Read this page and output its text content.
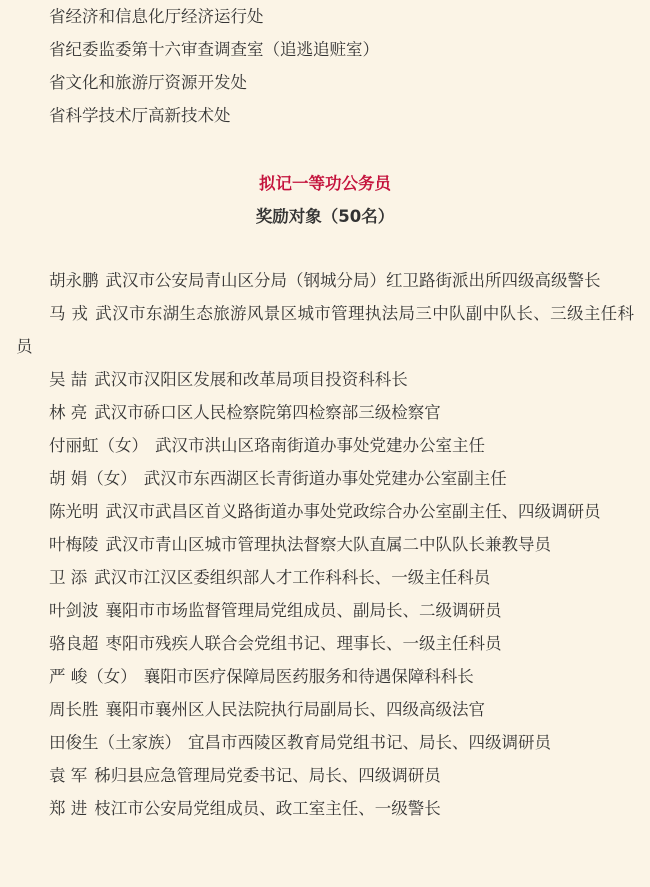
省经济和信息化厅经济运行处
省纪委监委第十六审查调查室（追逃追赃室）
省文化和旅游厅资源开发处
省科学技术厅高新技术处
拟记一等功公务员
奖励对象（50名）
胡永鹏 武汉市公安局青山区分局（钢城分局）红卫路街派出所四级高级警长
马 戎 武汉市东湖生态旅游风景区城市管理执法局三中队副中队长、三级主任科员
吴 喆 武汉市汉阳区发展和改革局项目投资科科长
林 亮 武汉市硚口区人民检察院第四检察部三级检察官
付丽虹（女） 武汉市洪山区珞南街道办事处党建办公室主任
胡 娟（女） 武汉市东西湖区长青街道办事处党建办公室副主任
陈光明 武汉市武昌区首义路街道办事处党政综合办公室副主任、四级调研员
叶梅陵 武汉市青山区城市管理执法督察大队直属二中队队长兼教导员
卫 添 武汉市江汉区委组织部人才工作科科长、一级主任科员
叶剑波 襄阳市市场监督管理局党组成员、副局长、二级调研员
骆良超 枣阳市残疾人联合会党组书记、理事长、一级主任科员
严 峻（女） 襄阳市医疗保障局医药服务和待遇保障科科长
周长胜 襄阳市襄州区人民法院执行局副局长、四级高级法官
田俊生（土家族） 宜昌市西陵区教育局党组书记、局长、四级调研员
袁 军 秭归县应急管理局党委书记、局长、四级调研员
郑 进 枝江市公安局党组成员、政工室主任、一级警长
